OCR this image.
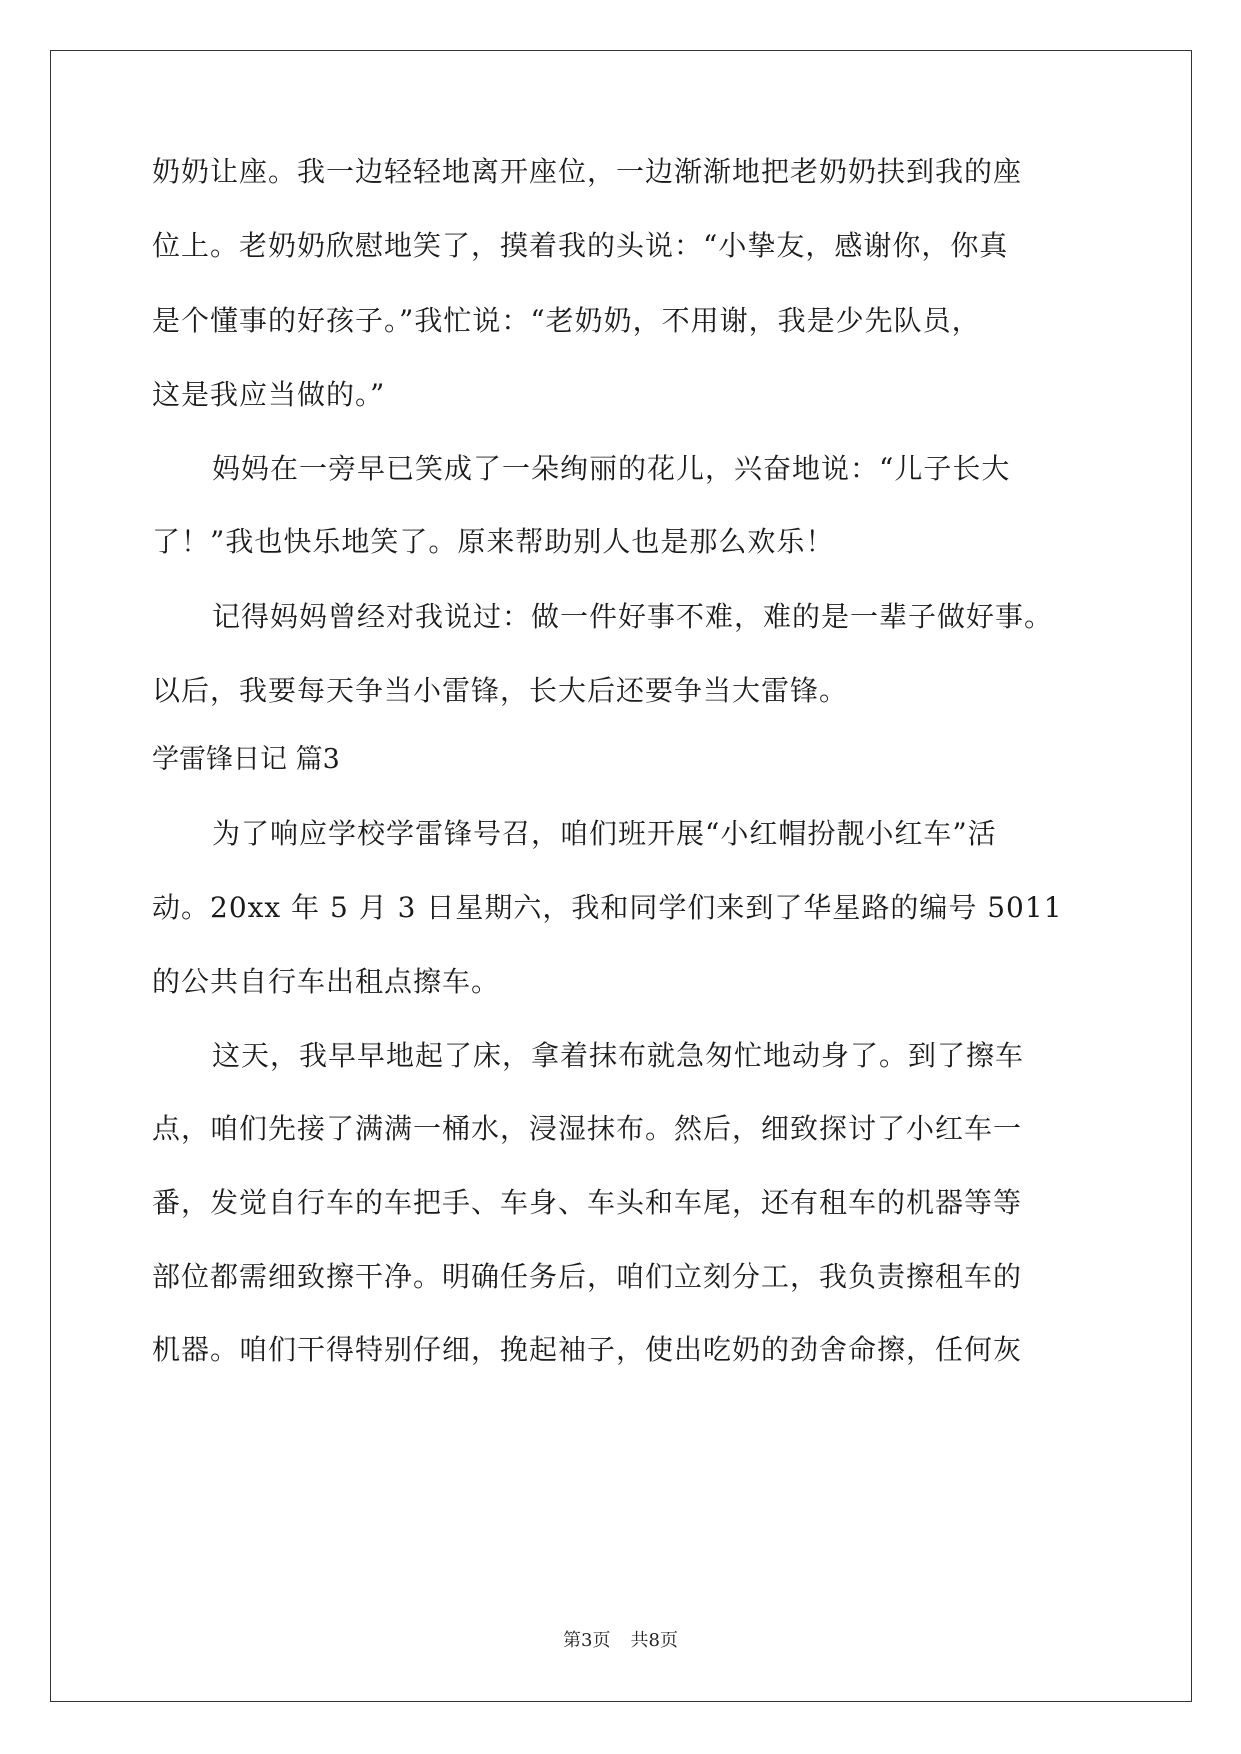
奶奶让座。我一边轻轻地离开座位，一边渐渐地把老奶奶扶到我的座
位上。老奶奶欣慰地笑了，摸着我的头说：“小挚友，感谢你，你真
是个懂事的好孩子。”我忙说：“老奶奶，不用谢，我是少先队员，
这是我应当做的。”
妈妈在一旁早已笑成了一朵绚丽的花儿，兴奋地说：“儿子长大
了！”我也快乐地笑了。原来帮助别人也是那么欢乐！
记得妈妈曾经对我说过：做一件好事不难，难的是一辈子做好事。
以后，我要每天争当小雷锋，长大后还要争当大雷锋。
学雷锋日记 篇3
为了响应学校学雷锋号召，咱们班开展“小红帽扮靓小红车”活
动。20xx 年 5 月 3 日星期六，我和同学们来到了华星路的编号 5011
的公共自行车出租点擦车。
这天，我早早地起了床，拿着抹布就急匆忙地动身了。到了擦车
点，咱们先接了满满一桶水，浸湿抹布。然后，细致探讨了小红车一
番，发觉自行车的车把手、车身、车头和车尾，还有租车的机器等等
部位都需细致擦干净。明确任务后，咱们立刻分工，我负责擦租车的
机器。咱们干得特别仔细，挽起袖子，使出吃奶的劲舍命擦，任何灰
第3页 共8页
